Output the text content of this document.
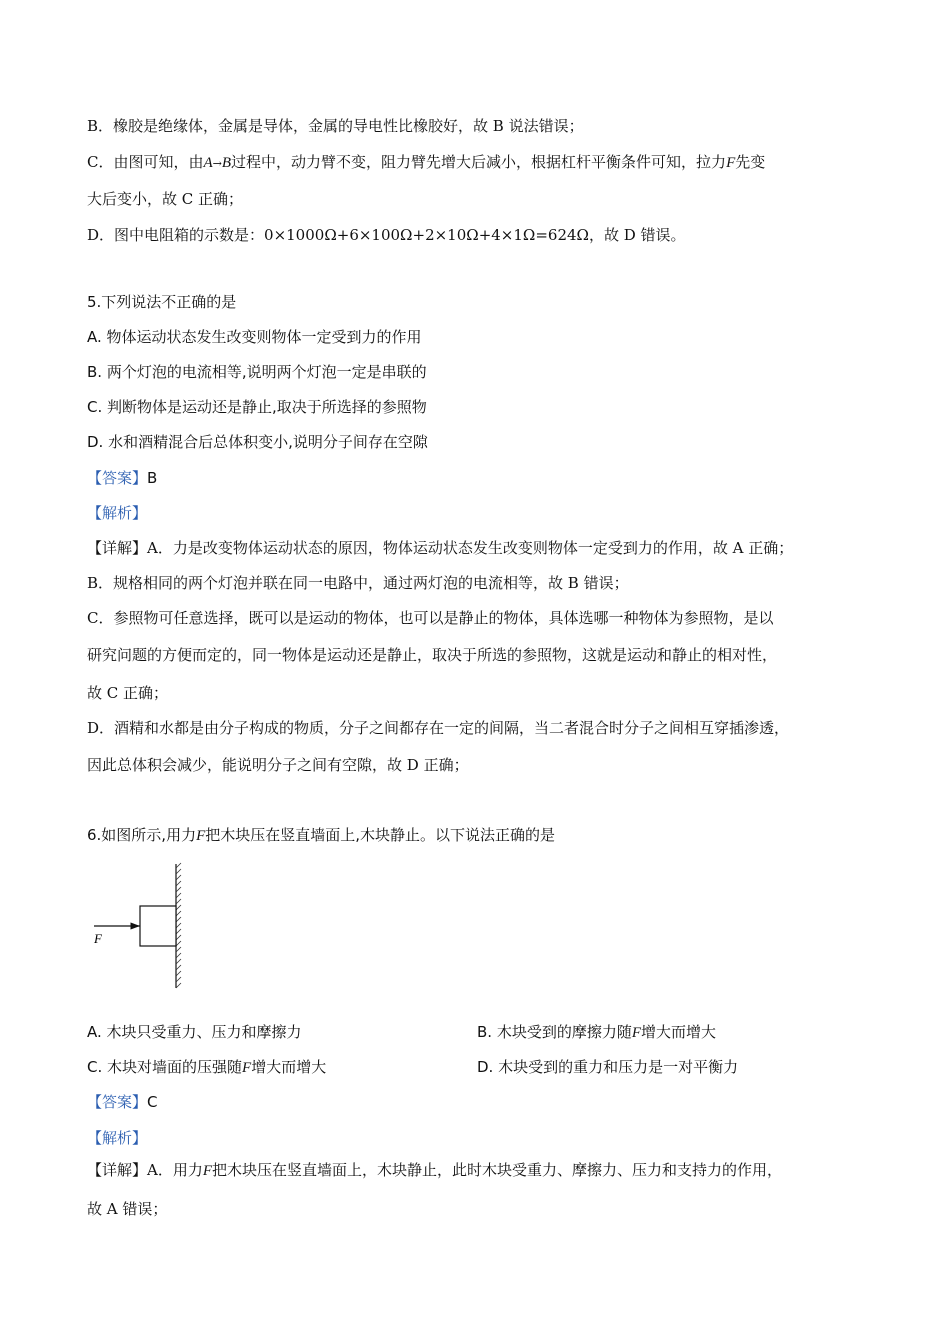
B．橡胶是绝缘体，金属是导体，金属的导电性比橡胶好，故 B 说法错误；
C．由图可知，由A→B过程中，动力臂不变，阻力臂先增大后减小，根据杠杆平衡条件可知，拉力F先变
大后变小，故 C 正确；
D．图中电阻箱的示数是：0×1000Ω+6×100Ω+2×10Ω+4×1Ω=624Ω，故 D 错误。
5.下列说法不正确的是
A. 物体运动状态发生改变则物体一定受到力的作用
B. 两个灯泡的电流相等,说明两个灯泡一定是串联的
C. 判断物体是运动还是静止,取决于所选择的参照物
D. 水和酒精混合后总体积变小,说明分子间存在空隙
【答案】B
【解析】
【详解】A．力是改变物体运动状态的原因，物体运动状态发生改变则物体一定受到力的作用，故 A 正确；
B．规格相同的两个灯泡并联在同一电路中，通过两灯泡的电流相等，故 B 错误；
C．参照物可任意选择，既可以是运动的物体，也可以是静止的物体，具体选哪一种物体为参照物，是以
研究问题的方便而定的，同一物体是运动还是静止，取决于所选的参照物，这就是运动和静止的相对性，
故 C 正确；
D．酒精和水都是由分子构成的物质，分子之间都存在一定的间隔，当二者混合时分子之间相互穿插渗透，
因此总体积会减少，能说明分子之间有空隙，故 D 正确；
6.如图所示,用力F把木块压在竖直墙面上,木块静止。以下说法正确的是
F
A. 木块只受重力、压力和摩擦力	B. 木块受到的摩擦力随F增大而增大
C. 木块对墙面的压强随F增大而增大	D. 木块受到的重力和压力是一对平衡力
【答案】C
【解析】
【详解】A．用力F把木块压在竖直墙面上，木块静止，此时木块受重力、摩擦力、压力和支持力的作用，
故 A 错误；
